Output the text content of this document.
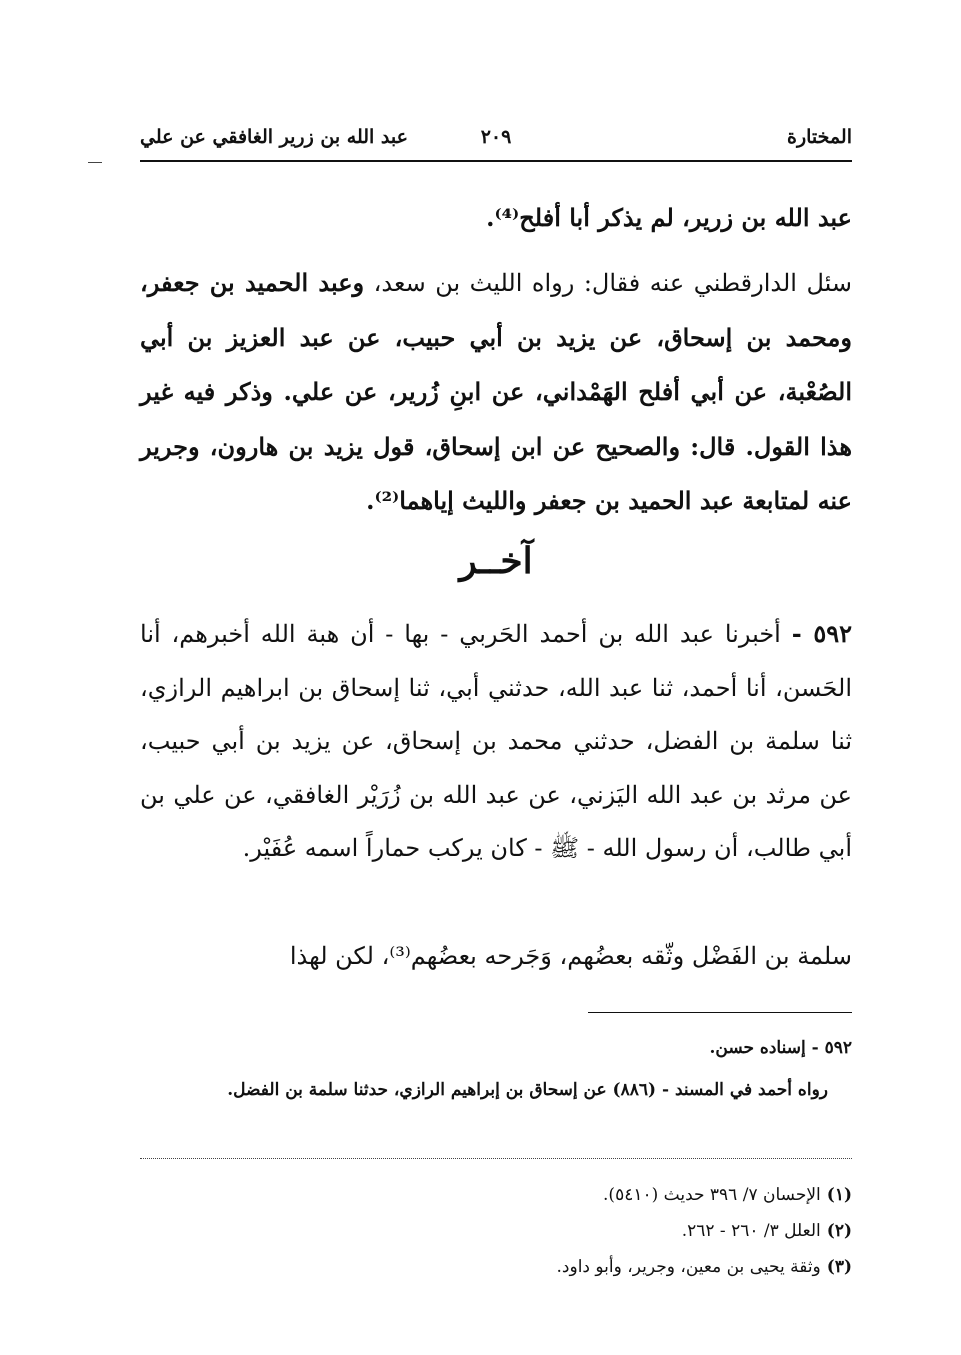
المختارة
٢٠٩
عبد الله بن زرير الغافقي عن علي
عبد الله بن زرير، لم يذكر أبا أفلح⁽⁴⁾.
سئل الدارقطني عنه فقال: رواه الليث بن سعد، وعبد الحميد بن جعفر، ومحمد بن إسحاق، عن يزيد بن أبي حبيب، عن عبد العزيز بن أبي الصُعْبة، عن أبي أفلح الهَمْداني، عن ابنِ زُرير، عن علي. وذكر فيه غير هذا القول. قال: والصحيح عن ابن إسحاق، قول يزيد بن هارون، وجرير عنه لمتابعة عبد الحميد بن جعفر والليث إياهما⁽²⁾.
آخــر
٥٩٢ - أخبرنا عبد الله بن أحمد الحَربي - بها - أن هبة الله أخبرهم، أنا الحَسن، أنا أحمد، ثنا عبد الله، حدثني أبي، ثنا إسحاق بن ابراهيم الرازي، ثنا سلمة بن الفضل، حدثني محمد بن إسحاق، عن يزيد بن أبي حبيب، عن مرثد بن عبد الله اليَزني، عن عبد الله بن زُرَيْر الغافقي، عن علي بن أبي طالب، أن رسول الله - ﷺ - كان يركب حماراً اسمه عُفَيْر.
سلمة بن الفَضْل وثّقه بعضُهم، وَجَرحه بعضُهم⁽³⁾، لكن لهذا
٥٩٢ - إسناده حسن.
رواه أحمد في المسند - (٨٨٦) عن إسحاق بن إبراهيم الرازي، حدثنا سلمة بن الفضل.
(١)الإحسان ٧/ ٣٩٦ حديث (٥٤١٠).
(٢)العلل ٣/ ٢٦٠ - ٢٦٢.
(٣)وثقة يحيى بن معين، وجرير، وأبو داود.
